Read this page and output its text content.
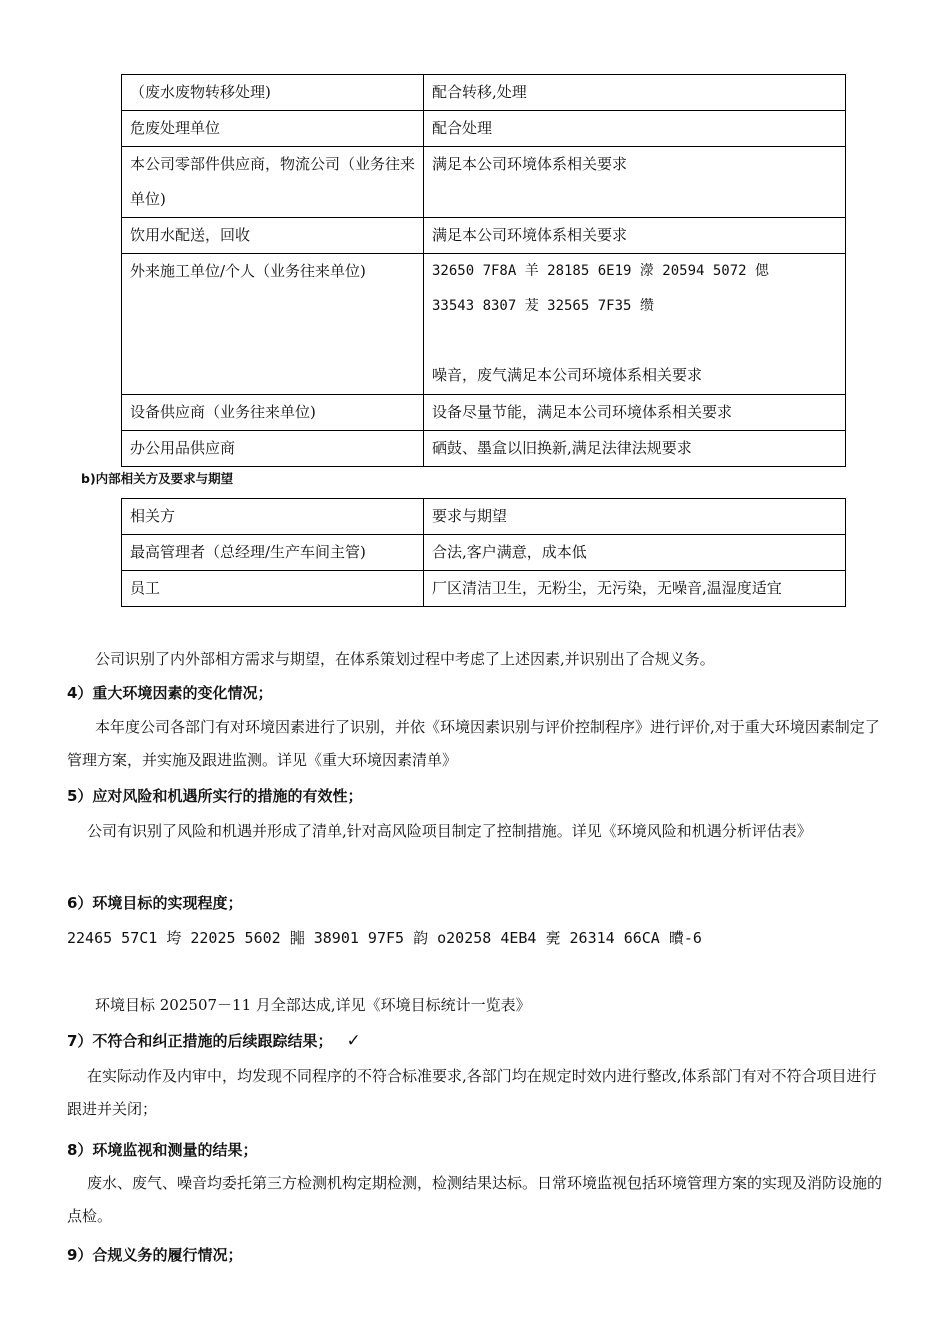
（废水废物转移处理)	配合转移,处理
危废处理单位	配合处理
本公司零部件供应商，物流公司（业务往来单位)	满足本公司环境体系相关要求
饮用水配送，回收	满足本公司环境体系相关要求
外来施工单位/个人（业务往来单位)	32650 7F8A 羊 28185 6E19 濴 20594 5072 偲
33543 8307 茇 32565 7F35 缵
噪音，废气满足本公司环境体系相关要求

设备供应商（业务往来单位)	设备尽量节能，满足本公司环境体系相关要求
办公用品供应商	硒鼓、墨盒以旧换新,满足法律法规要求
b)内部相关方及要求与期望
相关方	要求与期望
最高管理者（总经理/生产车间主管)	合法,客户满意，成本低
员工	厂区清洁卫生，无粉尘，无污染，无噪音,温湿度适宜
公司识别了内外部相方需求与期望，在体系策划过程中考虑了上述因素,并识别出了合规义务。
4）重大环境因素的变化情况；
本年度公司各部门有对环境因素进行了识别，并依《环境因素识别与评价控制程序》进行评价,对于重大环境因素制定了管理方案，并实施及跟进监测。详见《重大环境因素清单》
5）应对风险和机遇所实行的措施的有效性；
公司有识别了风险和机遇并形成了清单,针对高风险项目制定了控制措施。详见《环境风险和机遇分析评估表》
6）环境目标的实现程度；
22465 57C1 垮 22025 5602 嘂 38901 97F5 韵 o20258 4EB4 亴 26314 66CA 曊-6
环境目标 202507－11 月全部达成,详见《环境目标统计一览表》
7）不符合和纠正措施的后续跟踪结果； ✓
在实际动作及内审中，均发现不同程序的不符合标准要求,各部门均在规定时效内进行整改,体系部门有对不符合项目进行跟进并关闭；
8）环境监视和测量的结果；
废水、废气、噪音均委托第三方检测机构定期检测，检测结果达标。日常环境监视包括环境管理方案的实现及消防设施的点检。
9）合规义务的履行情况；
